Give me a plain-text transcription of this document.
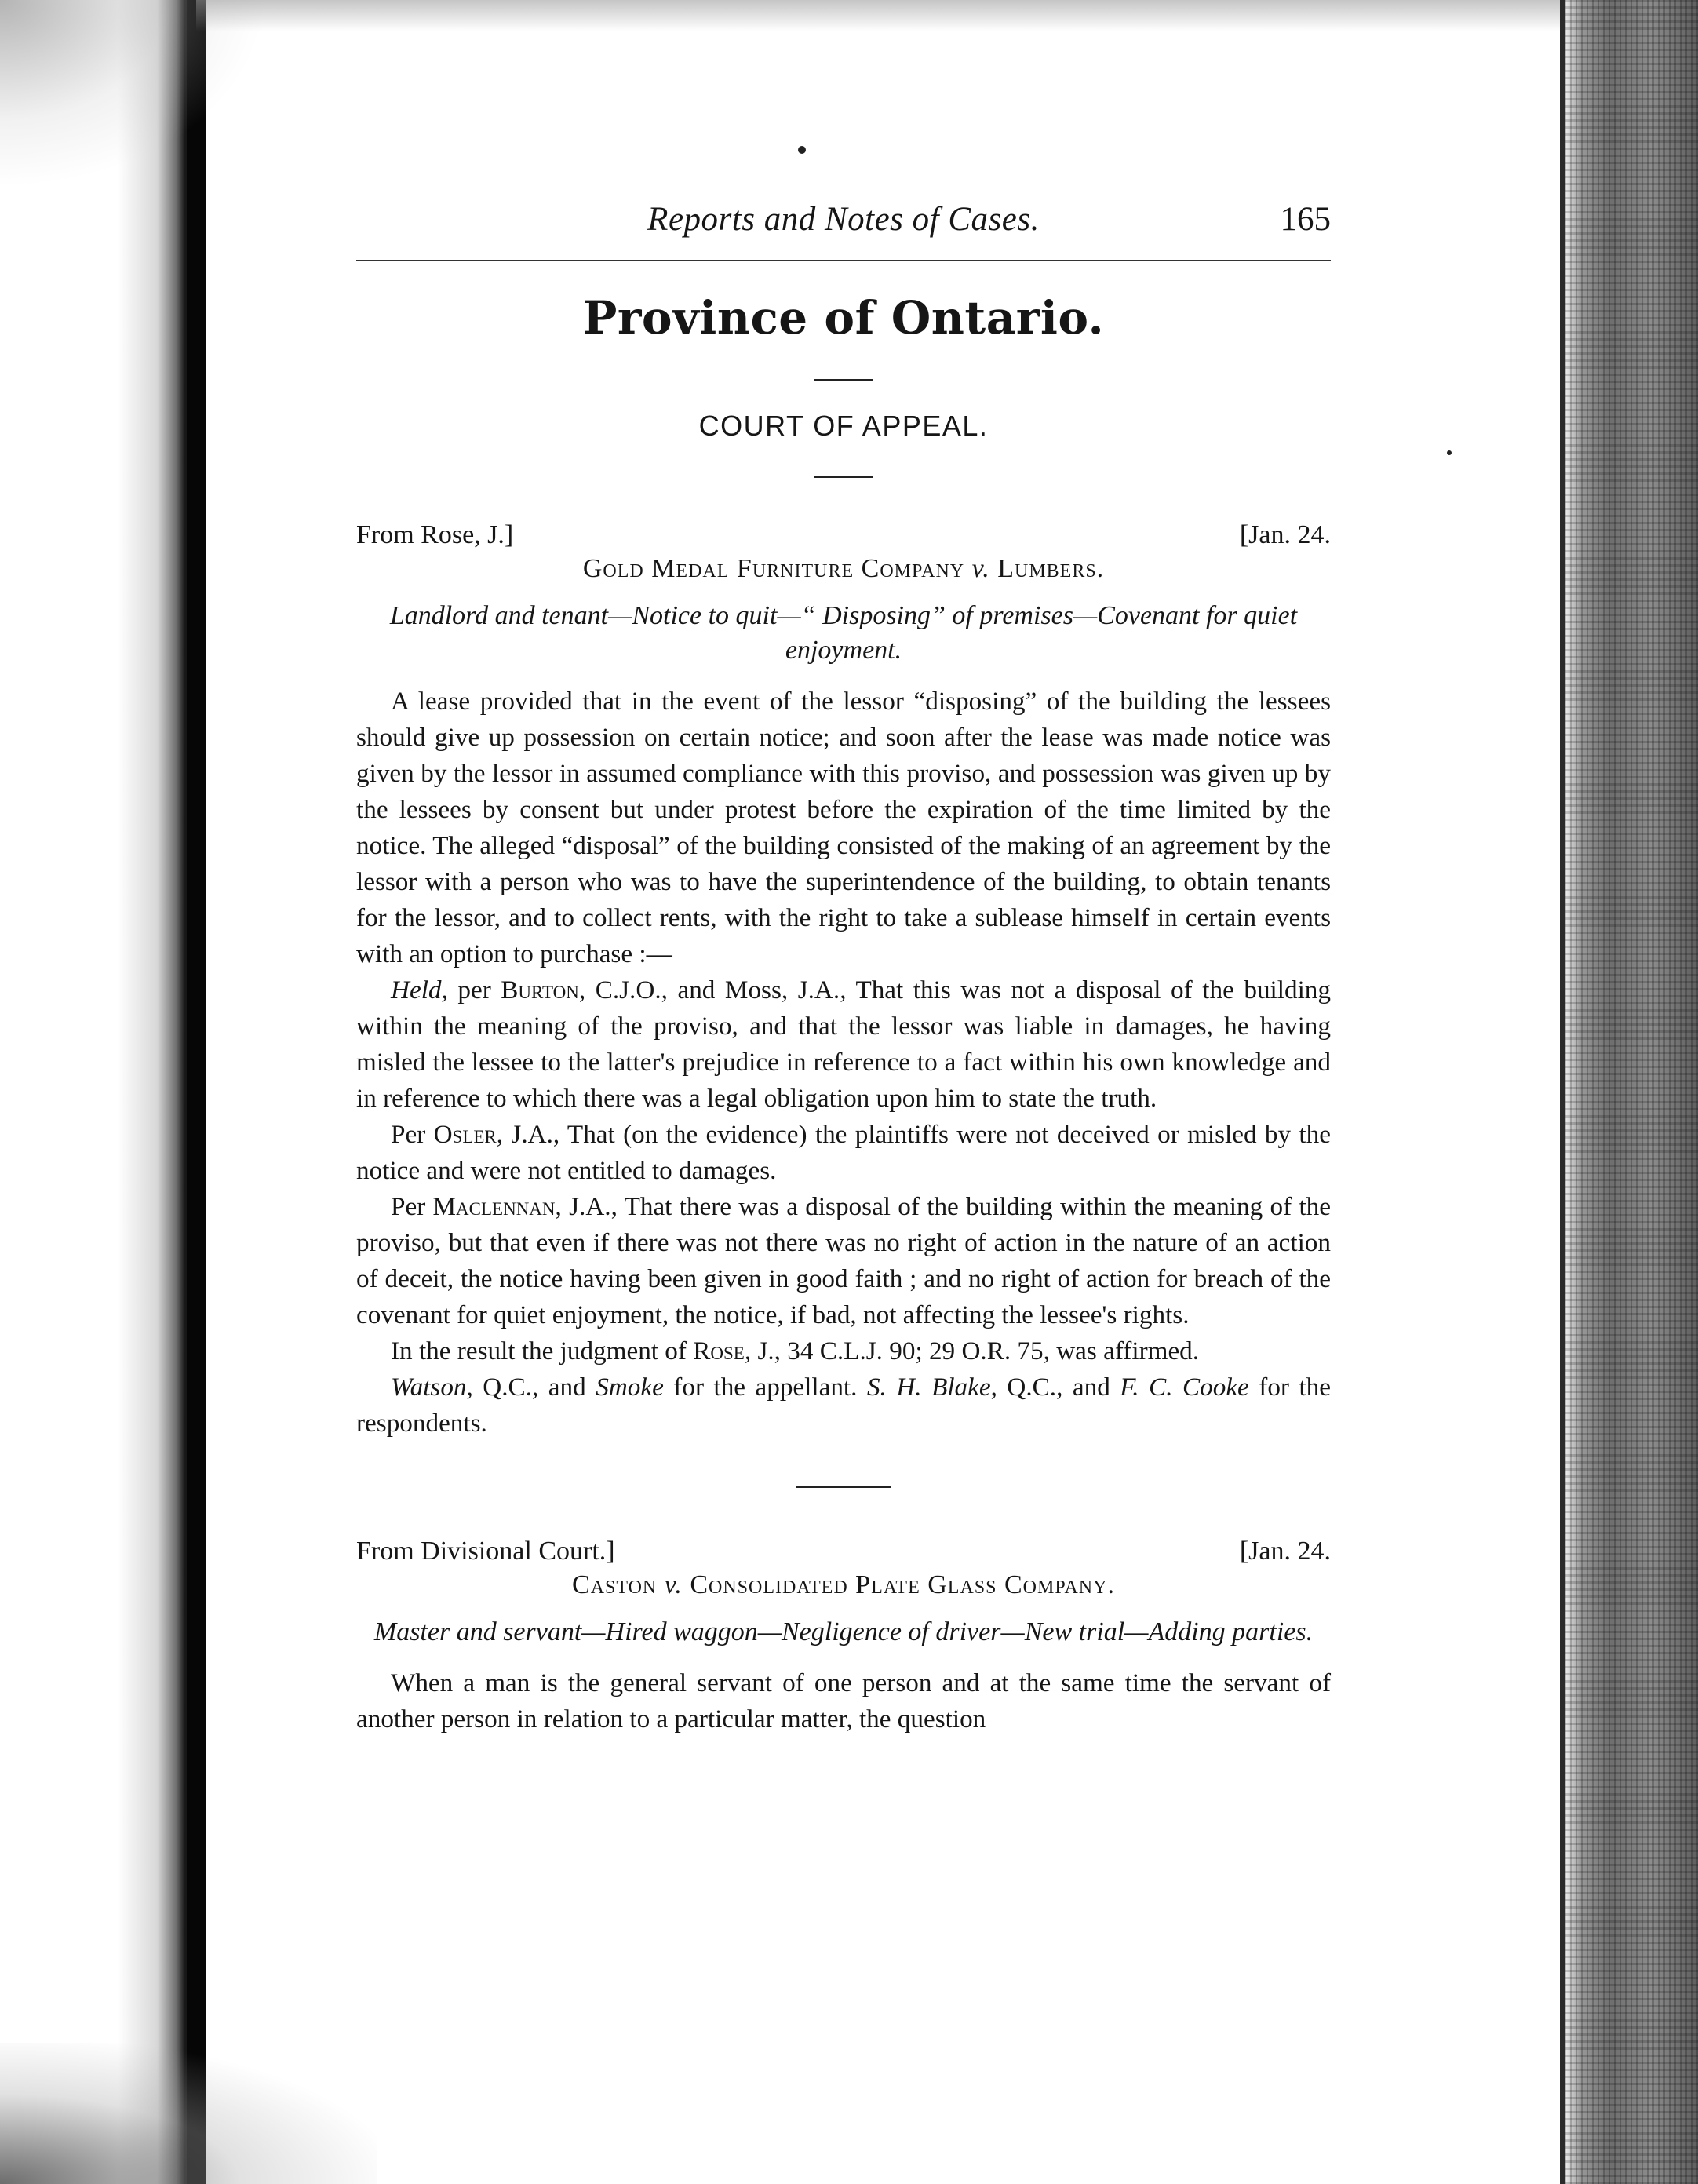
Reports and Notes of Cases.	165
Province of Ontario.
COURT OF APPEAL.
From Rose, J.]	[Jan. 24.
Gold Medal Furniture Company v. Lumbers.
Landlord and tenant—Notice to quit—“ Disposing” of premises—Covenant for quiet enjoyment.

A lease provided that in the event of the lessor “disposing” of the building the lessees should give up possession on certain notice; and soon after the lease was made notice was given by the lessor in assumed compliance with this proviso, and possession was given up by the lessees by consent but under protest before the expiration of the time limited by the notice. The alleged “disposal” of the building consisted of the making of an agreement by the lessor with a person who was to have the superintendence of the building, to obtain tenants for the lessor, and to collect rents, with the right to take a sublease himself in certain events with an option to purchase :—

Held, per Burton, C.J.O., and Moss, J.A., That this was not a disposal of the building within the meaning of the proviso, and that the lessor was liable in damages, he having misled the lessee to the latter's prejudice in reference to a fact within his own knowledge and in reference to which there was a legal obligation upon him to state the truth.

Per Osler, J.A., That (on the evidence) the plaintiffs were not deceived or misled by the notice and were not entitled to damages.

Per Maclennan, J.A., That there was a disposal of the building within the meaning of the proviso, but that even if there was not there was no right of action in the nature of an action of deceit, the notice having been given in good faith ; and no right of action for breach of the covenant for quiet enjoyment, the notice, if bad, not affecting the lessee's rights.

In the result the judgment of Rose, J., 34 C.L.J. 90; 29 O.R. 75, was affirmed.

Watson, Q.C., and Smoke for the appellant. S. H. Blake, Q.C., and F. C. Cooke for the respondents.

From Divisional Court.]	[Jan. 24.
Caston v. Consolidated Plate Glass Company.
Master and servant—Hired waggon—Negligence of driver—New trial—Adding parties.

When a man is the general servant of one person and at the same time the servant of another person in relation to a particular matter, the question
